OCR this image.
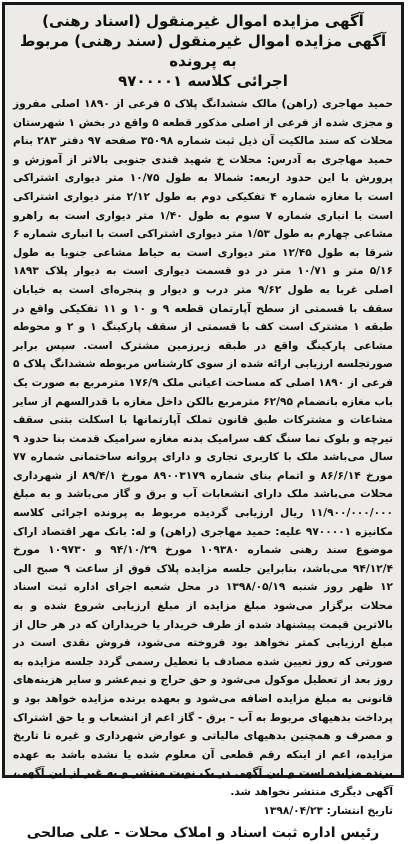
آگهی مزایده اموال غیرمنقول (اسناد رهنی)
آگهی مزایده اموال غیرمنقول (سند رهنی) مربوط به پرونده
اجرائی کلاسه ۹۷۰۰۰۰۱

حمید مهاجری (راهن) مالک ششدانگ پلاک ۵ فرعی از ۱۸۹۰ اصلی مفروز و مجزی شده از فرعی از اصلی مذکور قطعه ۵ واقع در بخش ۱ شهرستان محلات که سند مالکیت آن ذیل ثبت شماره ۳۵۰۹۸ صفحه ۹۷ دفتر ۲۸۳ بنام حمید مهاجری به آدرس: محلات خ شهید قندی جنوبی بالاتر از آموزش و پرورش با این حدود اربعه: شمالا به طول ۱۰/۷۵ متر دیواری اشتراکی است با مغازه شماره ۴ تفکیکی دوم به طول ۲/۱۲ متر دیواری اشتراکی است با انباری شماره ۷ سوم به طول ۱/۴۰ متر دیواری است به راهرو مشاعی چهارم به طول ۱/۵۳ متر دیواری اشتراکی است با انباری شماره ۶ شرقا به طول ۱۲/۴۵ متر دیواری است به حیاط مشاعی جنوبا به طول ۵/۱۶ متر و ۱۰/۷۱ متر در دو قسمت دیواری است به دیوار پلاک ۱۸۹۳ اصلی غربا به طول ۹/۶۲ متر درب و دیوار و پنجره‌ای است به خیابان سقف با قسمتی از سطح آپارتمان قطعه ۹ و ۱۰ و ۱۱ تفکیکی واقع در طبقه ۱ مشترک است کف با قسمتی از سقف پارکینگ ۱ و ۲ و محوطه مشاعی پارکینگ واقع در طبقه زیرزمین مشترک است. سپس برابر صورتجلسه ارزیابی ارائه شده از سوی کارشناس مربوطه ششدانگ پلاک ۵ فرعی از ۱۸۹۰ اصلی که مساحت اعیانی ملک ۱۷۶/۹ مترمربع به صورت یک باب مغازه بانضمام ۶۲/۹۵ مترمربع بالکن داخل مغازه با قدرالسهم از سایر مشاعات و مشترکات طبق قانون تملک آپارتمانها با اسکلت بتنی سقف تیرچه و بلوک نما سنگ کف سرامیک بدنه مغازه سرامیک قدمت بنا حدود ۹ سال می‌باشد ملک با کاربری تجاری و دارای پروانه ساختمانی شماره ۷۷ مورخ ۸۶/۶/۱۴ و اتمام بنای شماره ۸۹۰۰۳۱۷۹ مورخ ۸۹/۴/۱ از شهرداری محلات می‌باشد ملک دارای انشعابات آب و برق و گاز می‌باشد و به مبلغ ۱۱/۹۰۰/۰۰۰/۰۰۰ ریال ارزیابی گردیده مربوط به پرونده اجرائی کلاسه مکانیزه ۹۷۰۰۰۰۱ علیه: حمید مهاجری (راهن) و له: بانک مهر اقتصاد اراک موضوع سند رهنی شماره ۱۰۹۳۸۰ مورخ ۹۴/۱۰/۲۹ و ۱۰۹۷۳۰ مورخ ۹۴/۱۲/۴ می‌باشد، بنابراین جلسه مزایده پلاک فوق از ساعت ۹ صبح الی ۱۲ ظهر روز شنبه ۱۳۹۸/۰۵/۱۹ در محل شعبه اجرای اداره ثبت اسناد محلات برگزار می‌شود مبلغ مزایده از مبلغ ارزیابی شروع شده و به بالاترین قیمت پیشنهاد شده از طرف خریدار یا خریداران که در هر حال از مبلغ ارزیابی کمتر نخواهد بود فروخته می‌شود، فروش نقدی است در صورتی که روز تعیین شده مصادف با تعطیل رسمی گردد جلسه مزایده به روز بعد از تعطیل موکول می‌شود و حق حراج و نیم‌عشر و سایر هزینه‌های قانونی به مبلغ مزایده اضافه می‌شود و بعهده برنده مزایده خواهد بود و پرداخت بدهیهای مربوط به آب - برق - گاز اعم از انشعاب و یا حق اشتراک و مصرف و همچنین بدهیهای مالیاتی و عوارض شهرداری و غیره تا تاریخ مزایده، اعم از اینکه رقم قطعی آن معلوم شده یا نشده باشد به عهده برنده مزایده است و این آگهی در یک نوبت منتشر و به غیر از این آگهی، آگهی دیگری منتشر نخواهد شد.

تاریخ انتشار: ۱۳۹۸/۰۴/۲۳
رئیس اداره ثبت اسناد و املاک محلات - علی صالحی
